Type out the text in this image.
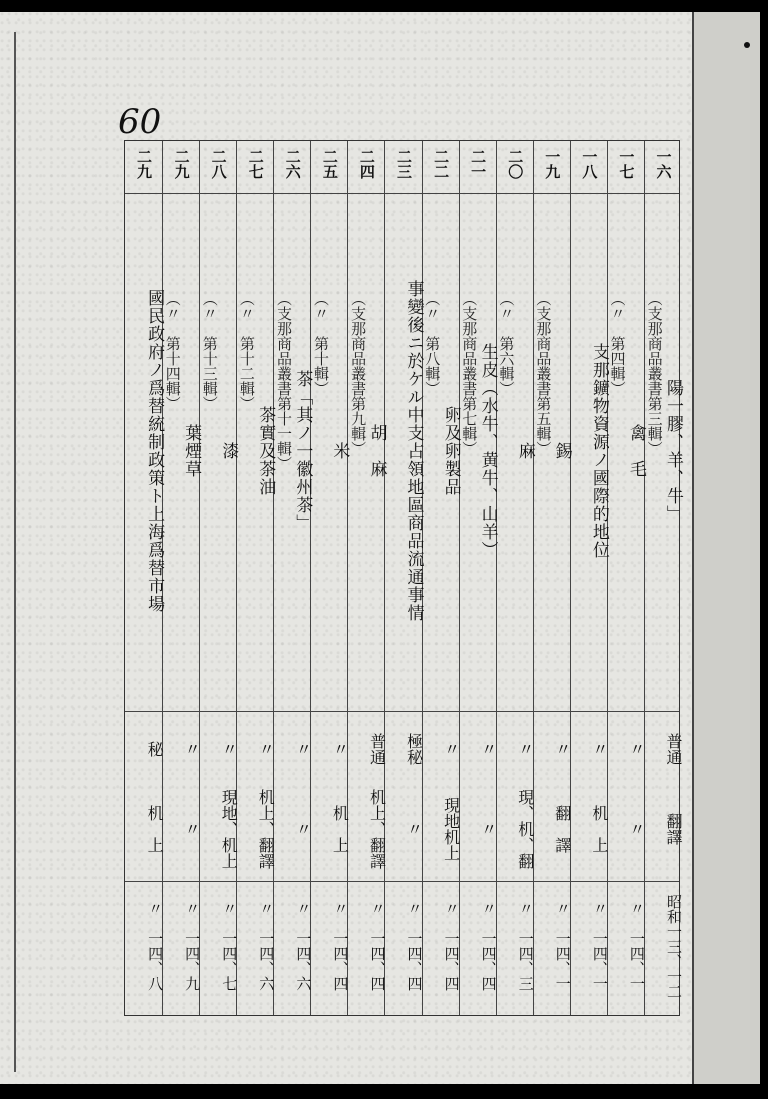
60
一六
陽一膠、羊、牛」
普通
翻譯
昭和一三、一二
（支那商品叢書第三輯）
一七
禽　毛
〃
〃
〃　一四、一
（〃　第四輯）
一八
支那鑛物資源ノ國際的地位
〃
机　上
〃　一四、一
一九
錫
〃
翻　譯
〃　一四、一
（支那商品叢書第五輯）
二〇
麻
〃
現、机、翻
〃　一四、三
（〃　第六輯）
二一
生皮（水牛、黄牛、山羊）
〃
〃
〃　一四、四
（支那商品叢書第七輯）
二二
卵及卵製品
〃
現地机上
〃　一四、四
（〃　第八輯）
二三
事變後ニ於ケル中支占領地區商品流通事情
極秘
〃
〃　一四、四
二四
胡　麻
普通
机上、翻譯
〃　一四、四
（支那商品叢書第九輯）
二五
米
〃
机　上
〃　一四、四
（〃　第十輯）
二六
茶「其ノ一徽州茶」
〃
〃
〃　一四、六
（支那商品叢書第十一輯）
二七
茶實及茶油
〃
机上、翻譯
〃　一四、六
（〃　第十二輯）
二八
漆
〃
現地、机上
〃　一四、七
（〃　第十三輯）
二九
葉煙草
〃
〃
〃　一四、九
（〃　第十四輯）
二九
國民政府ノ爲替統制政策ト上海爲替市場
秘
机　上
〃　一四、八
